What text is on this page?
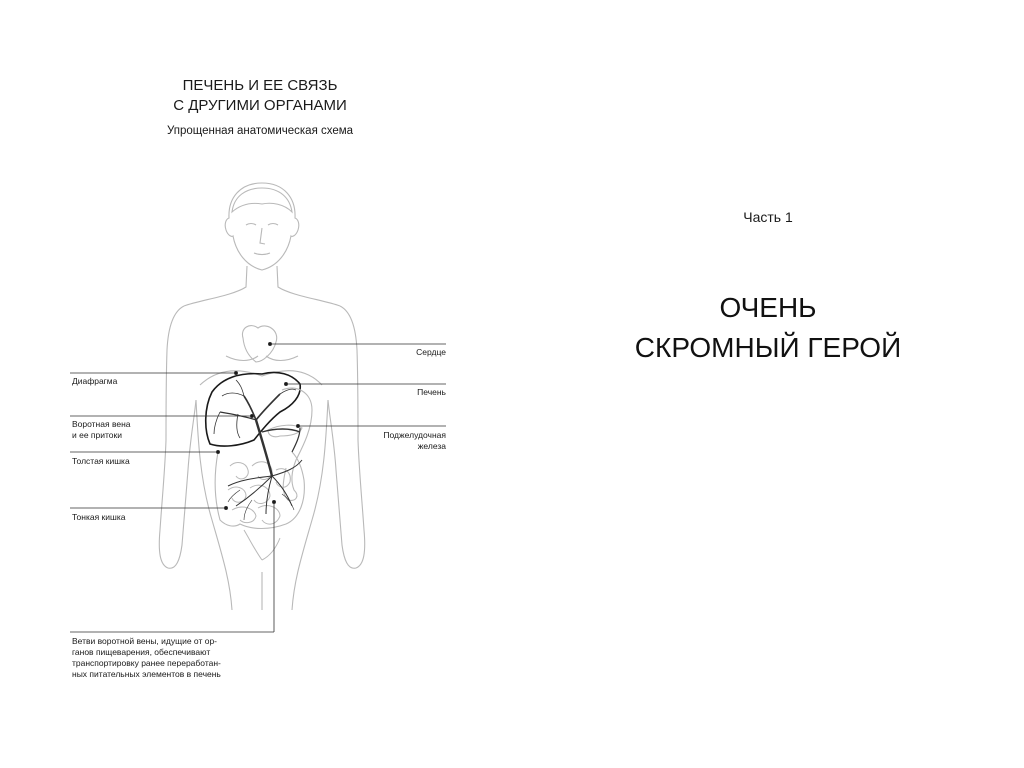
ПЕЧЕНЬ И ЕЕ СВЯЗЬ
С ДРУГИМИ ОРГАНАМИ
Упрощенная анатомическая схема
Сердце
Печень
Поджелудочная
железа
Диафрагма
Воротная вена
и ее притоки
Толстая кишка
Тонкая кишка
Ветви воротной вены, идущие от ор-
ганов пищеварения, обеспечивают
транспортировку ранее переработан-
ных питательных элементов в печень
Часть 1
ОЧЕНЬ
СКРОМНЫЙ ГЕРОЙ
